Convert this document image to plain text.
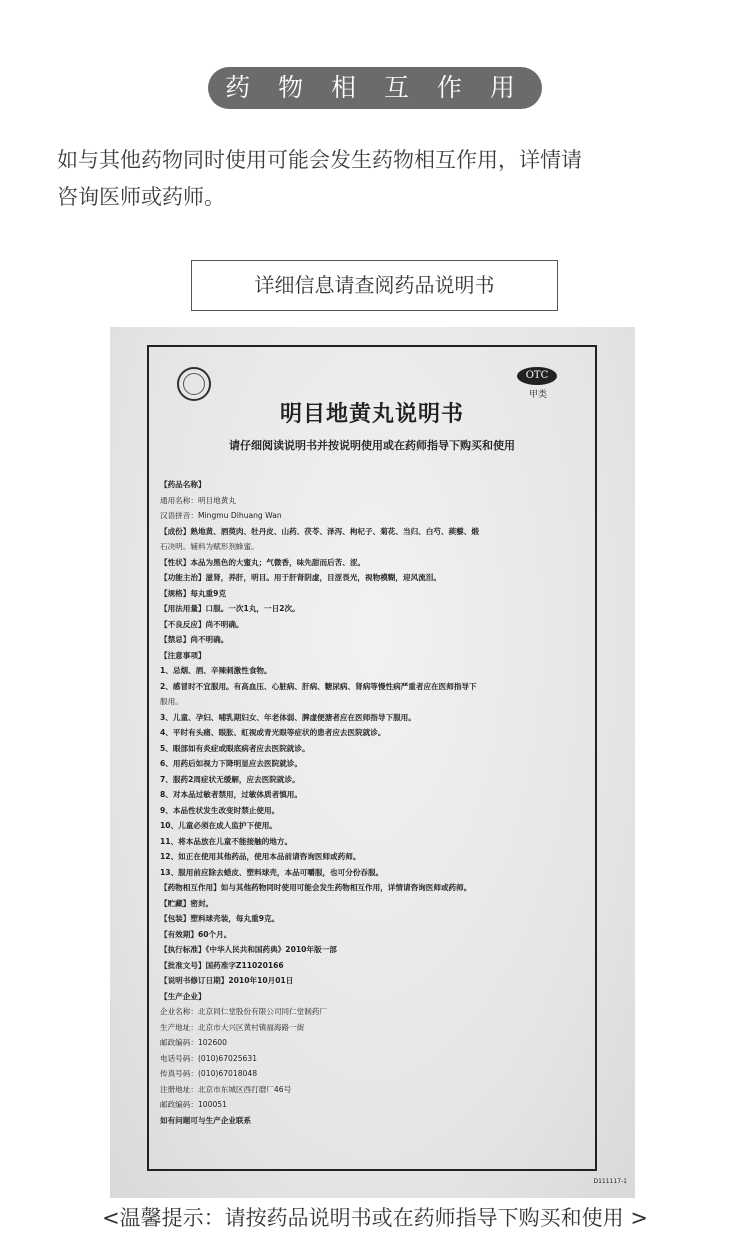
药 物 相 互 作 用
如与其他药物同时使用可能会发生药物相互作用，详情请
咨询医师或药师。
详细信息请查阅药品说明书
OTC
甲类
明目地黄丸说明书
请仔细阅读说明书并按说明使用或在药师指导下购买和使用
【药品名称】
通用名称：明目地黄丸
汉语拼音：Mingmu Dihuang Wan
【成份】熟地黄、酒萸肉、牡丹皮、山药、茯苓、泽泻、枸杞子、菊花、当归、白芍、蒺藜、煅
石决明。辅料为赋形剂蜂蜜。
【性状】本品为黑色的大蜜丸；气微香，味先甜而后苦、涩。
【功能主治】滋肾，养肝，明目。用于肝肾阴虚，目涩畏光，视物模糊，迎风流泪。
【规格】每丸重9克
【用法用量】口服。一次1丸，一日2次。
【不良反应】尚不明确。
【禁忌】尚不明确。
【注意事项】
1、忌烟、酒、辛辣刺激性食物。
2、感冒时不宜服用。有高血压、心脏病、肝病、糖尿病、肾病等慢性病严重者应在医师指导下
服用。
3、儿童、孕妇、哺乳期妇女、年老体弱、脾虚便溏者应在医师指导下服用。
4、平时有头痛、眼胀、虹视或青光眼等症状的患者应去医院就诊。
5、眼部如有炎症或眼底病者应去医院就诊。
6、用药后如视力下降明显应去医院就诊。
7、服药2周症状无缓解，应去医院就诊。
8、对本品过敏者禁用，过敏体质者慎用。
9、本品性状发生改变时禁止使用。
10、儿童必须在成人监护下使用。
11、将本品放在儿童不能接触的地方。
12、如正在使用其他药品，使用本品前请咨询医师或药师。
13、服用前应除去蜡皮、塑料球壳，本品可嚼服，也可分份吞服。
【药物相互作用】如与其他药物同时使用可能会发生药物相互作用，详情请咨询医师或药师。
【贮藏】密封。
【包装】塑料球壳装，每丸重9克。
【有效期】60个月。
【执行标准】《中华人民共和国药典》2010年版一部
【批准文号】国药准字Z11020166
【说明书修订日期】2010年10月01日
【生产企业】
企业名称：北京同仁堂股份有限公司同仁堂制药厂
生产地址：北京市大兴区黄村镇福海路一街
邮政编码：102600
电话号码：(010)67025631
传真号码：(010)67018048
注册地址：北京市东城区西打磨厂46号
邮政编码：100051
如有问题可与生产企业联系
D111117-1
<温馨提示：请按药品说明书或在药师指导下购买和使用 >
